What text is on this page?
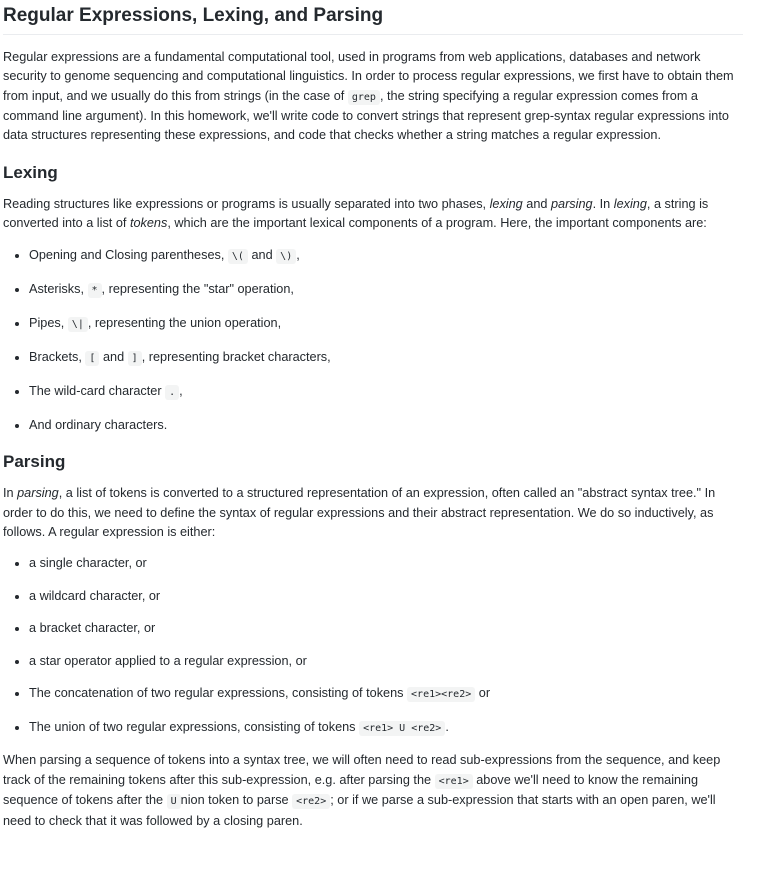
Regular Expressions, Lexing, and Parsing

Regular expressions are a fundamental computational tool, used in programs from web applications, databases and network security to genome sequencing and computational linguistics. In order to process regular expressions, we first have to obtain them from input, and we usually do this from strings (in the case of grep , the string specifying a regular expression comes from a command line argument). In this homework, we'll write code to convert strings that represent grep-syntax regular expressions into data structures representing these expressions, and code that checks whether a string matches a regular expression.

Lexing

Reading structures like expressions or programs is usually separated into two phases, lexing and parsing. In lexing, a string is converted into a list of tokens, which are the important lexical components of a program. Here, the important components are:

• Opening and Closing parentheses, \( and \) ,
• Asterisks, * , representing the "star" operation,
• Pipes, \| , representing the union operation,
• Brackets, [ and ] , representing bracket characters,
• The wild-card character . ,
• And ordinary characters.
Parsing

In parsing, a list of tokens is converted to a structured representation of an expression, often called an "abstract syntax tree." In order to do this, we need to define the syntax of regular expressions and their abstract representation. We do so inductively, as follows. A regular expression is either:

• a single character, or
• a wildcard character, or
• a bracket character, or
• a star operator applied to a regular expression, or
• The concatenation of two regular expressions, consisting of tokens <re1><re2> or
• The union of two regular expressions, consisting of tokens <re1> U <re2> .

When parsing a sequence of tokens into a syntax tree, we will often need to read sub-expressions from the sequence, and keep track of the remaining tokens after this sub-expression, e.g. after parsing the <re1> above we'll need to know the remaining sequence of tokens after the U nion token to parse <re2> ; or if we parse a sub-expression that starts with an open paren, we'll need to check that it was followed by a closing paren.
